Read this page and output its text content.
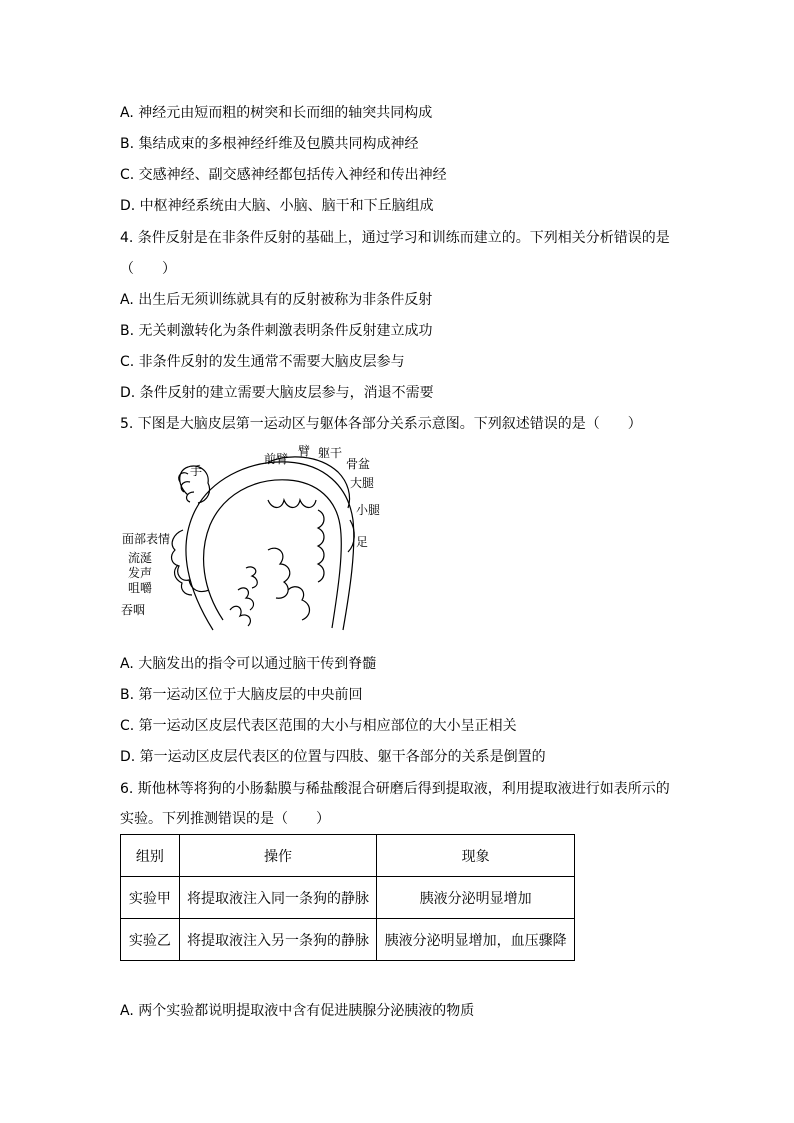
A. 神经元由短而粗的树突和长而细的轴突共同构成
B. 集结成束的多根神经纤维及包膜共同构成神经
C. 交感神经、副交感神经都包括传入神经和传出神经
D. 中枢神经系统由大脑、小脑、脑干和下丘脑组成
4. 条件反射是在非条件反射的基础上，通过学习和训练而建立的。下列相关分析错误的是
（　　）
A. 出生后无须训练就具有的反射被称为非条件反射
B. 无关刺激转化为条件刺激表明条件反射建立成功
C. 非条件反射的发生通常不需要大脑皮层参与
D. 条件反射的建立需要大脑皮层参与，消退不需要
5. 下图是大脑皮层第一运动区与躯体各部分关系示意图。下列叙述错误的是（　　）
手
前臂
臂 躯干
骨盆
大腿
小腿
足
面部表情
流涎
发声
咀嚼
吞咽
A. 大脑发出的指令可以通过脑干传到脊髓
B. 第一运动区位于大脑皮层的中央前回
C. 第一运动区皮层代表区范围的大小与相应部位的大小呈正相关
D. 第一运动区皮层代表区的位置与四肢、躯干各部分的关系是倒置的
6. 斯他林等将狗的小肠黏膜与稀盐酸混合研磨后得到提取液，利用提取液进行如表所示的
实验。下列推测错误的是（　　）
组别	操作	现象
实验甲	将提取液注入同一条狗的静脉	胰液分泌明显增加
实验乙	将提取液注入另一条狗的静脉	胰液分泌明显增加，血压骤降
A. 两个实验都说明提取液中含有促进胰腺分泌胰液的物质
